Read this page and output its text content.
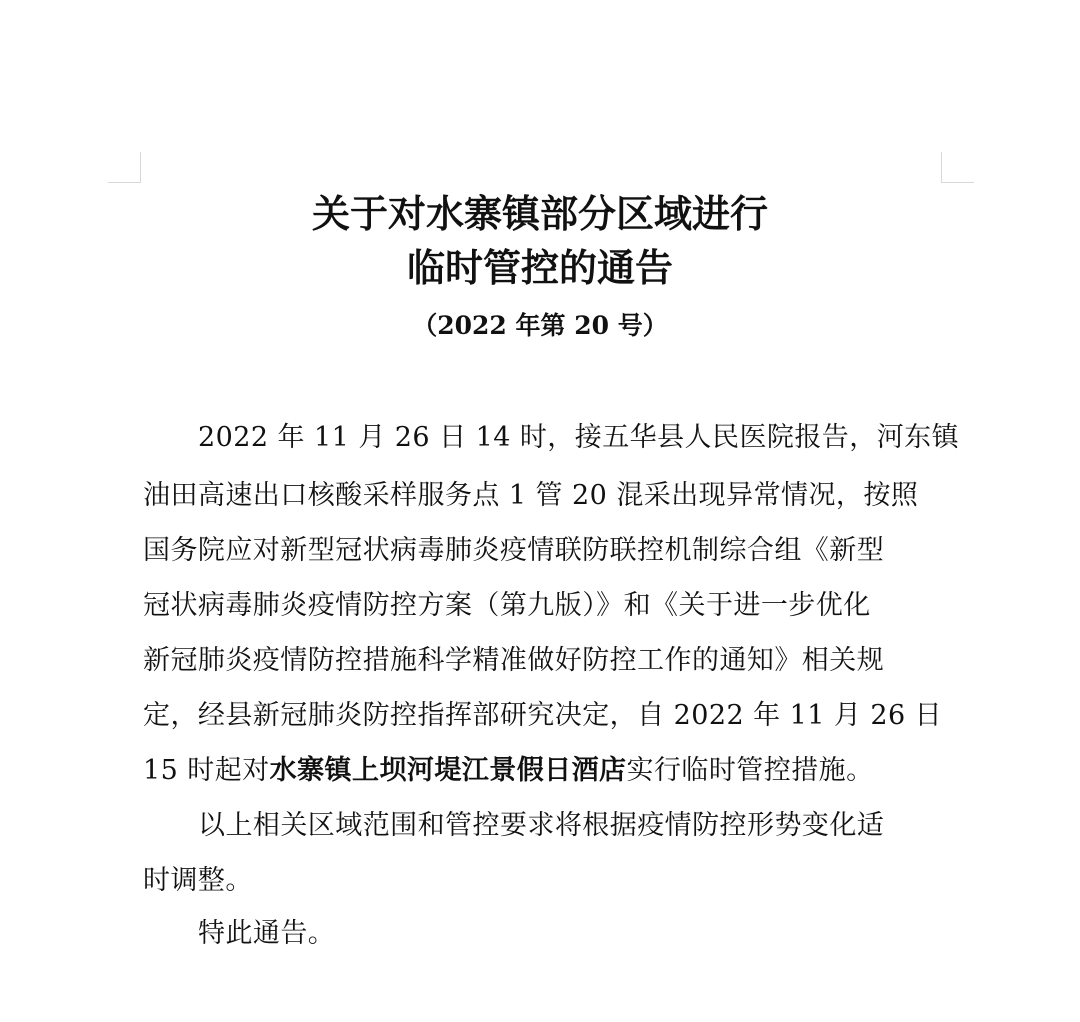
关于对水寨镇部分区域进行
临时管控的通告
（2022 年第 20 号）
2022 年 11 月 26 日 14 时，接五华县人民医院报告，河东镇
油田高速出口核酸采样服务点 1 管 20 混采出现异常情况，按照
国务院应对新型冠状病毒肺炎疫情联防联控机制综合组《新型
冠状病毒肺炎疫情防控方案（第九版）》和《关于进一步优化
新冠肺炎疫情防控措施科学精准做好防控工作的通知》相关规
定，经县新冠肺炎防控指挥部研究决定，自 2022 年 11 月 26 日
15 时起对水寨镇上坝河堤江景假日酒店实行临时管控措施。
以上相关区域范围和管控要求将根据疫情防控形势变化适
时调整。
特此通告。
